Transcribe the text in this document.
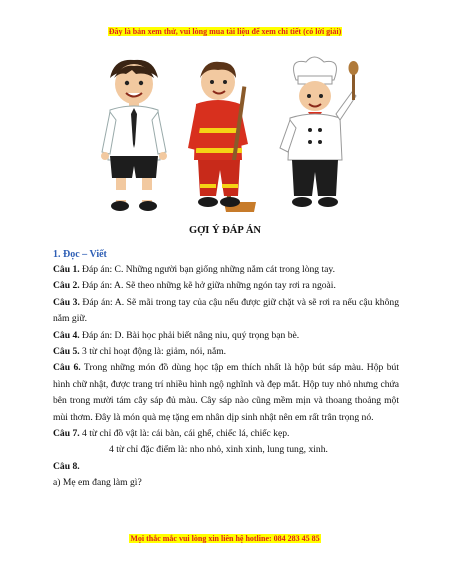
Đây là bản xem thử, vui lòng mua tài liệu để xem chi tiết (có lời giải)
GỢI Ý ĐÁP ÁN
1. Đọc – Viết

Câu 1. Đáp án: C. Những người bạn giống những nắm cát trong lòng tay.

Câu 2. Đáp án: A. Sẽ theo những kẽ hở giữa những ngón tay rơi ra ngoài.

Câu 3. Đáp án: A. Sẽ mãi trong tay của cậu nếu được giữ chặt và sẽ rơi ra nếu cậu không nắm giữ.

Câu 4. Đáp án: D. Bài học phải biết nâng niu, quý trọng bạn bè.

Câu 5. 3 từ chỉ hoạt động là: giảm, nói, nắm.

Câu 6. Trong những món đồ dùng học tập em thích nhất là hộp bút sáp màu. Hộp bút hình chữ nhật, được trang trí nhiều hình ngộ nghĩnh và đẹp mắt. Hộp tuy nhỏ nhưng chứa bên trong mười tám cây sáp đủ màu. Cây sáp nào cũng mềm mịn và thoang thoảng một mùi thơm. Đây là món quà mẹ tặng em nhân dịp sinh nhật nên em rất trân trọng nó.

Câu 7. 4 từ chỉ đồ vật là: cái bàn, cái ghế, chiếc lá, chiếc kẹp.

4 từ chỉ đặc điểm là: nho nhỏ, xinh xinh, lung tung, xinh.

Câu 8.

a) Mẹ em đang làm gì?

Mọi thắc mắc vui lòng xin liên hệ hotline: 084 283 45 85
